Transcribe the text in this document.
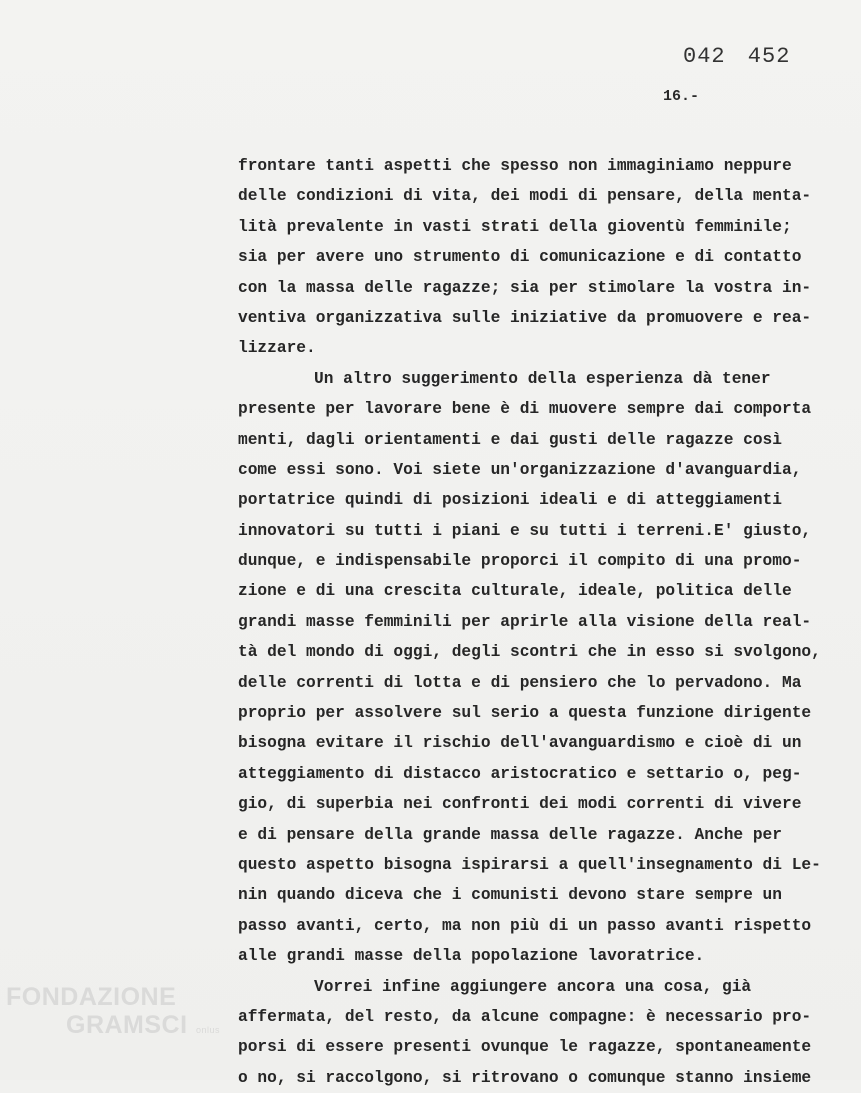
042 452
16.-
frontare tanti aspetti che spesso non immaginiamo neppure
delle condizioni di vita, dei modi di pensare, della menta-
lità prevalente in vasti strati della gioventù femminile;
sia per avere uno strumento di comunicazione e di contatto
con la massa delle ragazze; sia per stimolare la vostra in-
ventiva organizzativa sulle iniziative da promuovere e rea-
lizzare.
Un altro suggerimento della esperienza dà tener
presente per lavorare bene è di muovere sempre dai comporta
menti, dagli orientamenti e dai gusti delle ragazze così
come essi sono. Voi siete un'organizzazione d'avanguardia,
portatrice quindi di posizioni ideali e di atteggiamenti
innovatori su tutti i piani e su tutti i terreni.E' giusto,
dunque, e indispensabile proporci il compito di una promo-
zione e di una crescita culturale, ideale, politica delle
grandi masse femminili per aprirle alla visione della real-
tà del mondo di oggi, degli scontri che in esso si svolgono,
delle correnti di lotta e di pensiero che lo pervadono. Ma
proprio per assolvere sul serio a questa funzione dirigente
bisogna evitare il rischio dell'avanguardismo e cioè di un
atteggiamento di distacco aristocratico e settario o, peg-
gio, di superbia nei confronti dei modi correnti di vivere
e di pensare della grande massa delle ragazze. Anche per
questo aspetto bisogna ispirarsi a quell'insegnamento di Le-
nin quando diceva che i comunisti devono stare sempre un
passo avanti, certo, ma non più di un passo avanti rispetto
alle grandi masse della popolazione lavoratrice.
Vorrei infine aggiungere ancora una cosa, già
affermata, del resto, da alcune compagne: è necessario pro-
porsi di essere presenti ovunque le ragazze, spontaneamente
o no, si raccolgono, si ritrovano o comunque stanno insieme
FONDAZIONE
GRAMSCI onlus
